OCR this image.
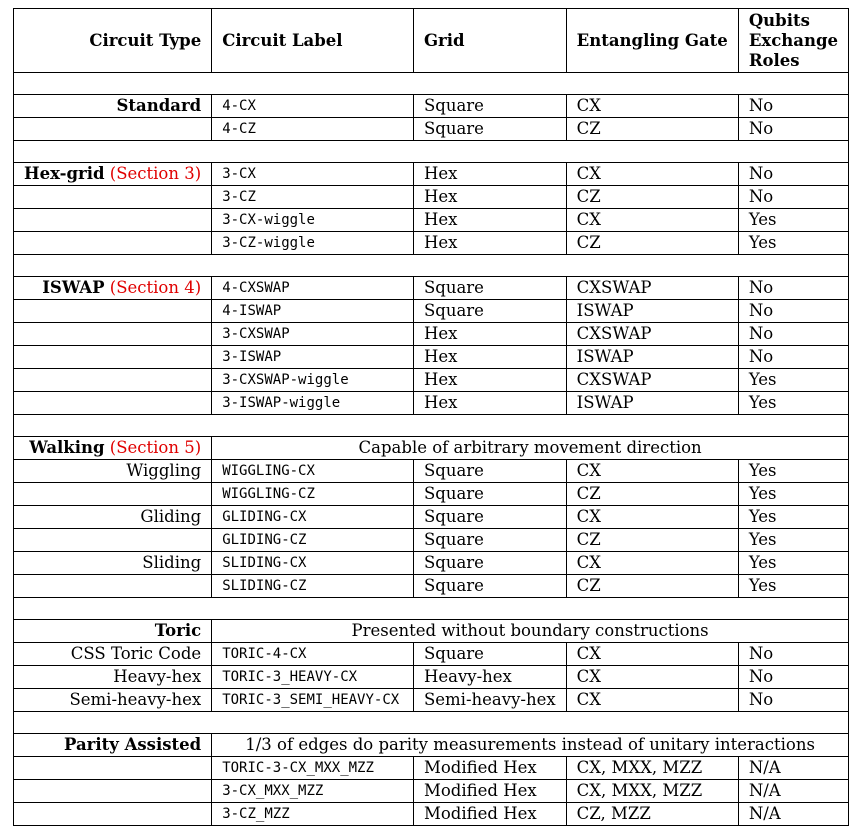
Circuit Type	Circuit Label	Grid	Entangling Gate	Qubits
Exchange
Roles

Standard	4-CX	Square	CX	No
	4-CZ	Square	CZ	No

Hex-grid (Section 3)	3-CX	Hex	CX	No
	3-CZ	Hex	CZ	No
	3-CX-wiggle	Hex	CX	Yes
	3-CZ-wiggle	Hex	CZ	Yes

ISWAP (Section 4)	4-CXSWAP	Square	CXSWAP	No
	4-ISWAP	Square	ISWAP	No
	3-CXSWAP	Hex	CXSWAP	No
	3-ISWAP	Hex	ISWAP	No
	3-CXSWAP-wiggle	Hex	CXSWAP	Yes
	3-ISWAP-wiggle	Hex	ISWAP	Yes

Walking (Section 5)	Capable of arbitrary movement direction			
Wiggling	WIGGLING-CX	Square	CX	Yes
	WIGGLING-CZ	Square	CZ	Yes
Gliding	GLIDING-CX	Square	CX	Yes
	GLIDING-CZ	Square	CZ	Yes
Sliding	SLIDING-CX	Square	CX	Yes
	SLIDING-CZ	Square	CZ	Yes

Toric	Presented without boundary constructions			
CSS Toric Code	TORIC-4-CX	Square	CX	No
Heavy-hex	TORIC-3_HEAVY-CX	Heavy-hex	CX	No
Semi-heavy-hex	TORIC-3_SEMI_HEAVY-CX	Semi-heavy-hex	CX	No

Parity Assisted	1/3 of edges do parity measurements instead of unitary interactions			
	TORIC-3-CX_MXX_MZZ	Modified Hex	CX, MXX, MZZ	N/A
	3-CX_MXX_MZZ	Modified Hex	CX, MXX, MZZ	N/A
	3-CZ_MZZ	Modified Hex	CZ, MZZ	N/A
